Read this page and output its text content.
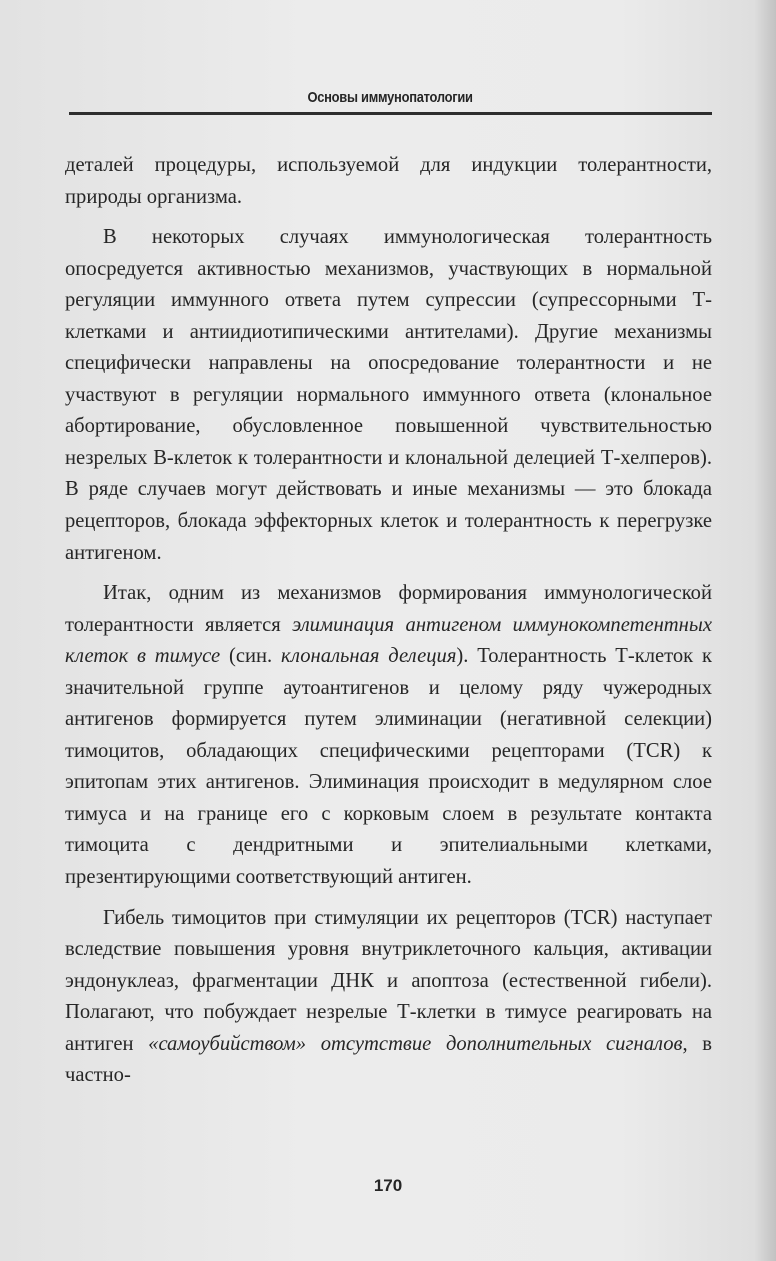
Основы иммунопатологии

деталей процедуры, используемой для индукции толерантности, природы организма.

В некоторых случаях иммунологическая толерантность опосредуется активностью механизмов, участвующих в нормальной регуляции иммунного ответа путем супрессии (супрессорными Т-клетками и антиидиотипическими антителами). Другие механизмы специфически направлены на опосредование толерантности и не участвуют в регуляции нормального иммунного ответа (клональное абортирование, обусловленное повышенной чувствительностью незрелых В-клеток к толерантности и клональной делецией Т-хелперов). В ряде случаев могут действовать и иные механизмы — это блокада рецепторов, блокада эффекторных клеток и толерантность к перегрузке антигеном.

Итак, одним из механизмов формирования иммунологической толерантности является элиминация антигеном иммунокомпетентных клеток в тимусе (син. клональная делеция). Толерантность Т-клеток к значительной группе аутоантигенов и целому ряду чужеродных антигенов формируется путем элиминации (негативной селекции) тимоцитов, обладающих специфическими рецепторами (TCR) к эпитопам этих антигенов. Элиминация происходит в медулярном слое тимуса и на границе его с корковым слоем в результате контакта тимоцита с дендритными и эпителиальными клетками, презентирующими соответствующий антиген.

Гибель тимоцитов при стимуляции их рецепторов (TCR) наступает вследствие повышения уровня внутриклеточного кальция, активации эндонуклеаз, фрагментации ДНК и апоптоза (естественной гибели). Полагают, что побуждает незрелые Т-клетки в тимусе реагировать на антиген «самоубийством» отсутствие дополнительных сигналов, в частно-

170
